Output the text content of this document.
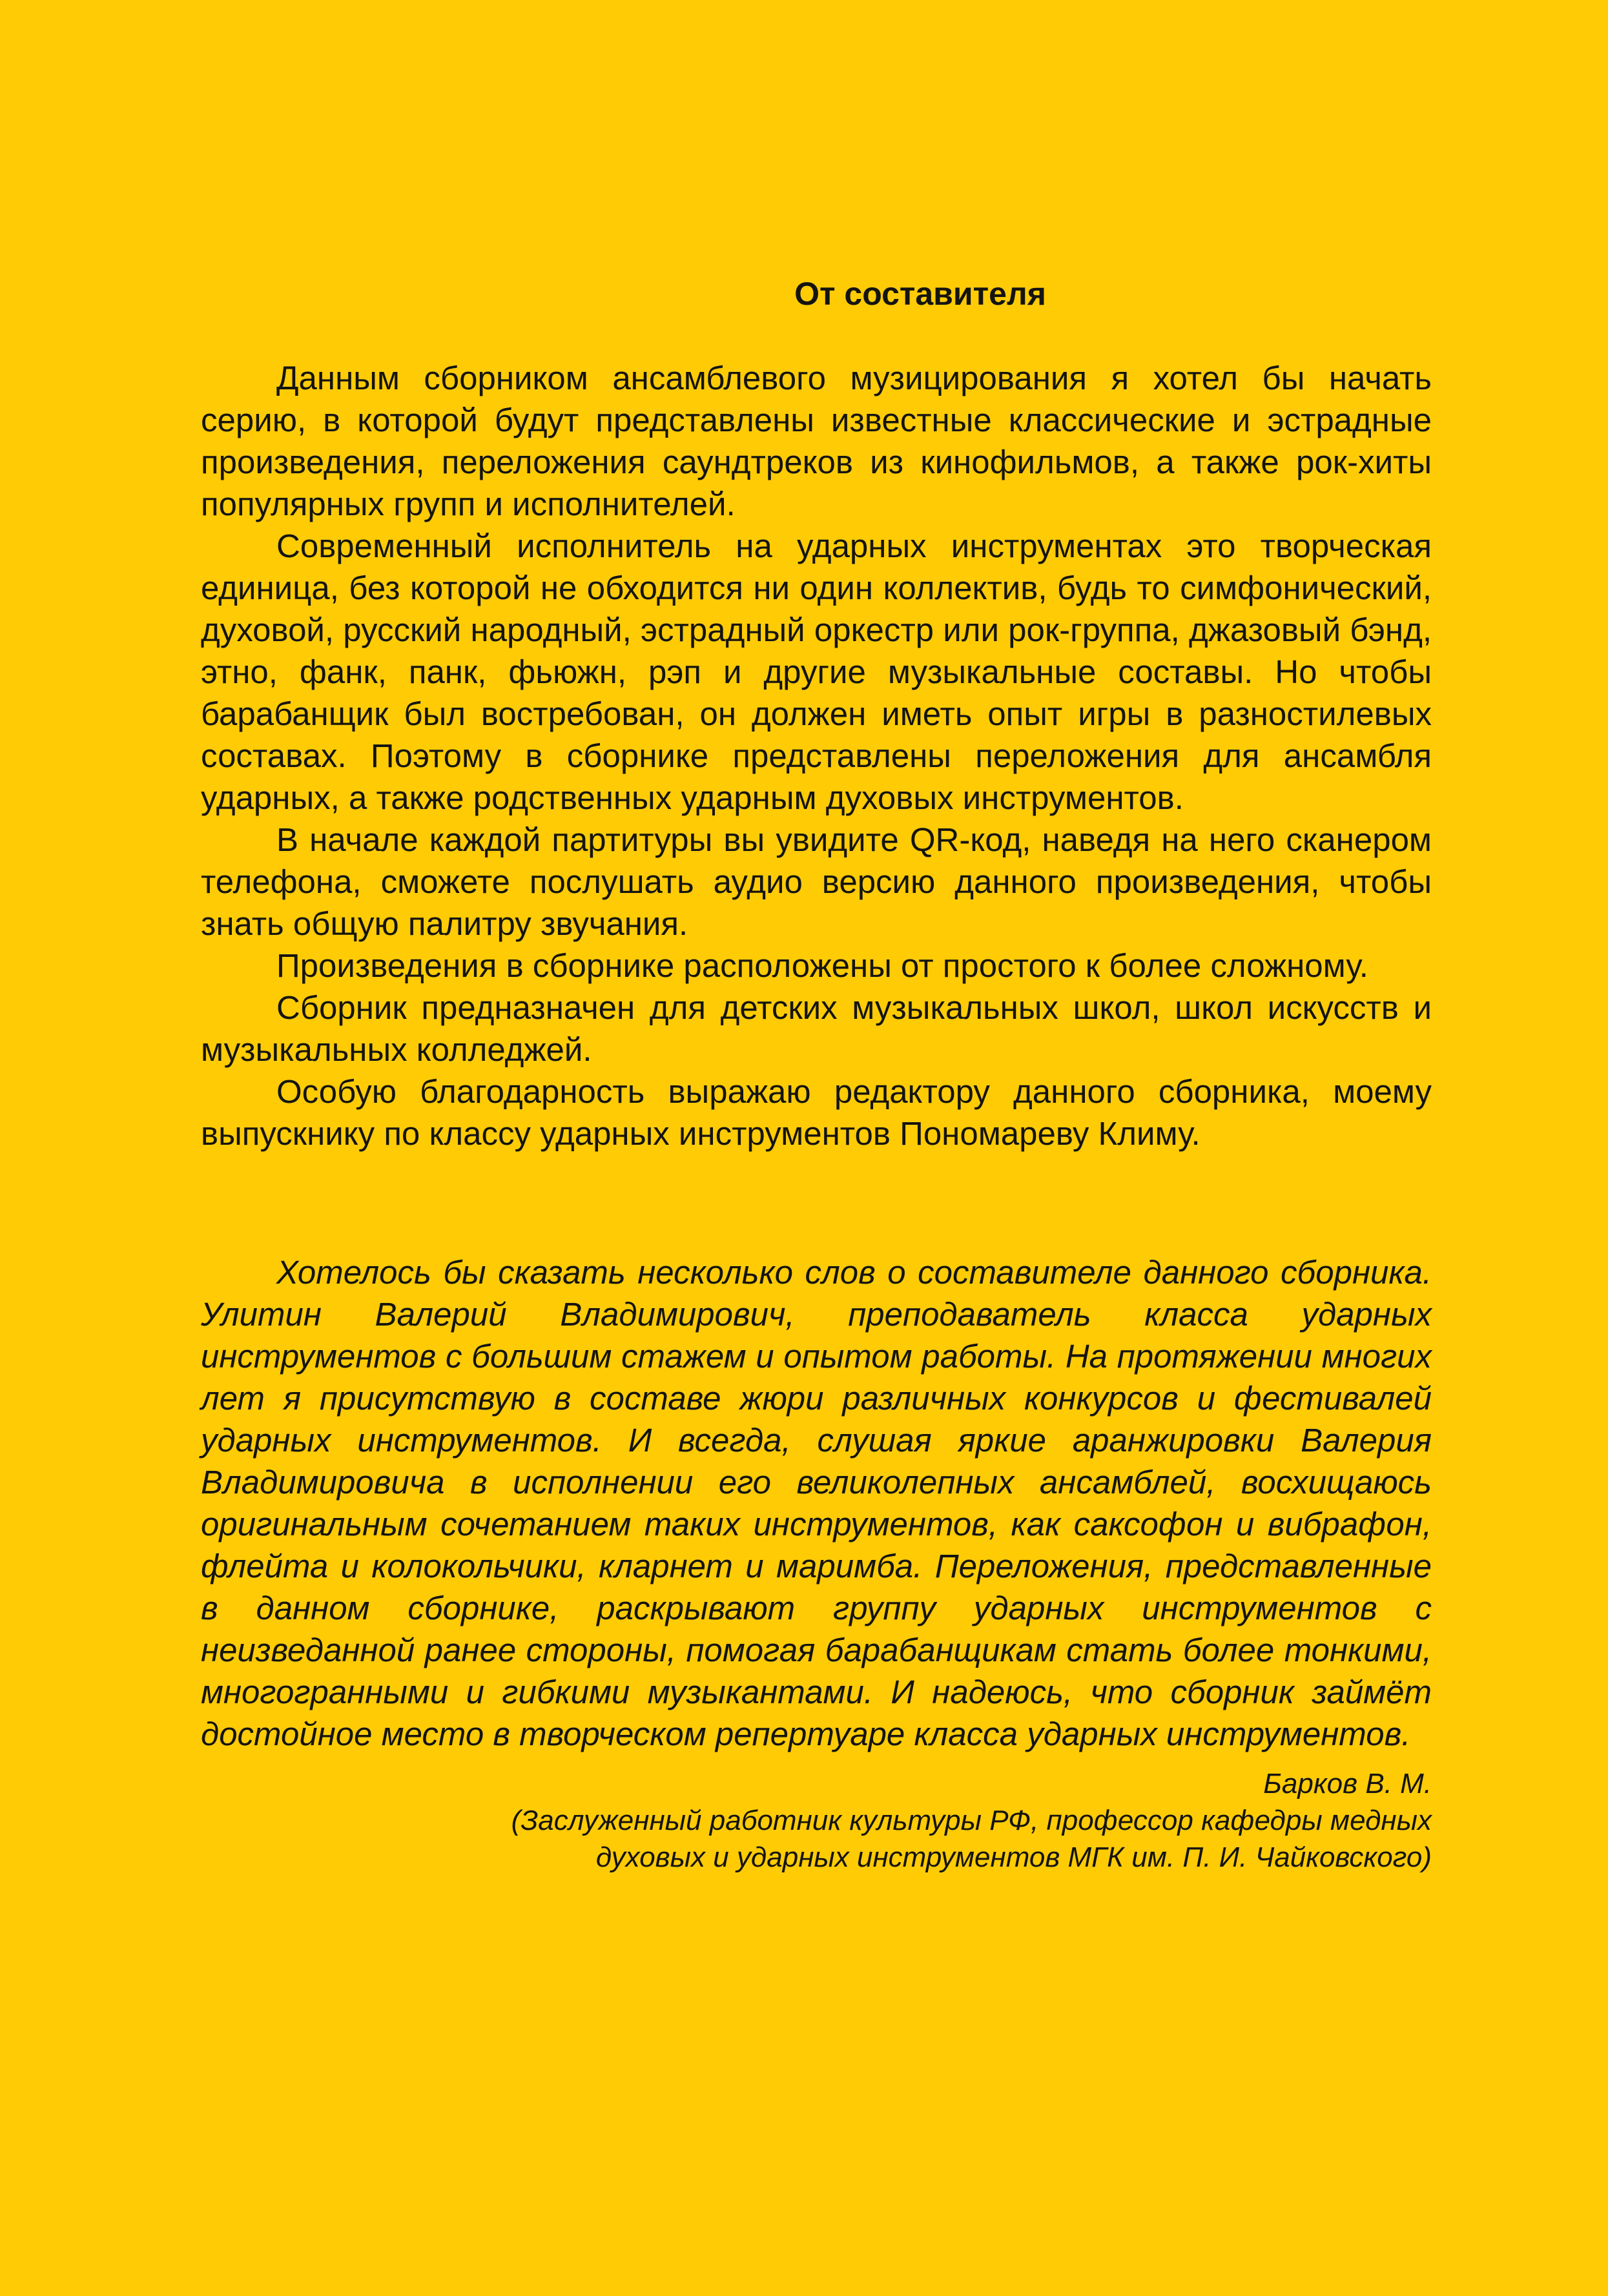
От составителя

Данным сборником ансамблевого музицирования я хотел бы начать серию, в которой будут представлены известные классические и эстрадные произведения, переложения саундтреков из кинофильмов, а также рок-хиты популярных групп и исполнителей.

Современный исполнитель на ударных инструментах это творческая единица, без которой не обходится ни один коллектив, будь то симфонический, духовой, русский народный, эстрадный оркестр или рок-группа, джазовый бэнд, этно, фанк, панк, фьюжн, рэп и другие музыкальные составы. Но чтобы барабанщик был востребован, он должен иметь опыт игры в разностилевых составах. Поэтому в сборнике представлены переложения для ансамбля ударных, а также родственных ударным духовых инструментов.

В начале каждой партитуры вы увидите QR-код, наведя на него сканером телефона, сможете послушать аудио версию данного произведения, чтобы знать общую палитру звучания.

Произведения в сборнике расположены от простого к более сложному.

Сборник предназначен для детских музыкальных школ, школ искусств и музыкальных колледжей.

Особую благодарность выражаю редактору данного сборника, моему выпускнику по классу ударных инструментов Пономареву Климу.

Хотелось бы сказать несколько слов о составителе данного сборника. Улитин Валерий Владимирович, преподаватель класса ударных инструментов с большим стажем и опытом работы. На протяжении многих лет я присутствую в составе жюри различных конкурсов и фестивалей ударных инструментов. И всегда, слушая яркие аранжировки Валерия Владимировича в исполнении его великолепных ансамблей, восхищаюсь оригинальным сочетанием таких инструментов, как саксофон и вибрафон, флейта и колокольчики, кларнет и маримба. Переложения, представленные в данном сборнике, раскрывают группу ударных инструментов с неизведанной ранее стороны, помогая барабанщикам стать более тонкими, многогранными и гибкими музыкантами. И надеюсь, что сборник займёт достойное место в творческом репертуаре класса ударных инструментов.

Барков В. М.
(Заслуженный работник культуры РФ, профессор кафедры медных
духовых и ударных инструментов МГК им. П. И. Чайковского)
